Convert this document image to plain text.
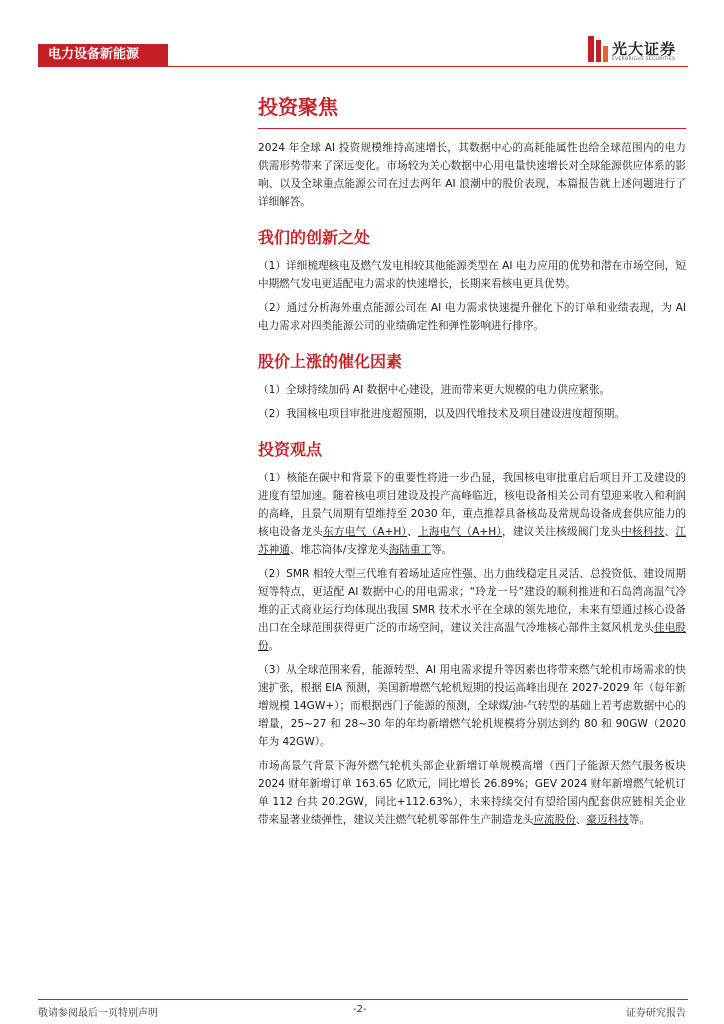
电力设备新能源	光大证券
EVERBRIGHT SECURITIES
投资聚焦

2024 年全球 AI 投资规模维持高速增长，其数据中心的高耗能属性也给全球范围内的电力供需形势带来了深远变化。市场较为关心数据中心用电量快速增长对全球能源供应体系的影响、以及全球重点能源公司在过去两年 AI 浪潮中的股价表现，本篇报告就上述问题进行了详细解答。

我们的创新之处

（1）详细梳理核电及燃气发电相较其他能源类型在 AI 电力应用的优势和潜在市场空间，短中期燃气发电更适配电力需求的快速增长，长期来看核电更具优势。

（2）通过分析海外重点能源公司在 AI 电力需求快速提升催化下的订单和业绩表现，为 AI 电力需求对四类能源公司的业绩确定性和弹性影响进行排序。

股价上涨的催化因素

（1）全球持续加码 AI 数据中心建设，进而带来更大规模的电力供应紧张。

（2）我国核电项目审批进度超预期，以及四代堆技术及项目建设进度超预期。

投资观点

（1）核能在碳中和背景下的重要性将进一步凸显，我国核电审批重启后项目开工及建设的进度有望加速。随着核电项目建设及投产高峰临近，核电设备相关公司有望迎来收入和利润的高峰，且景气周期有望维持至 2030 年，重点推荐具备核岛及常规岛设备成套供应能力的核电设备龙头东方电气（A+H）、上海电气（A+H），建议关注核级阀门龙头中核科技、江苏神通、堆芯筒体/支撑龙头海陆重工等。

（2）SMR 相较大型三代堆有着场址适应性强、出力曲线稳定且灵活、总投资低、建设周期短等特点，更适配 AI 数据中心的用电需求；“玲龙一号”建设的顺利推进和石岛湾高温气冷堆的正式商业运行均体现出我国 SMR 技术水平在全球的领先地位，未来有望通过核心设备出口在全球范围获得更广泛的市场空间，建议关注高温气冷堆核心部件主氦风机龙头佳电股份。

（3）从全球范围来看，能源转型、AI 用电需求提升等因素也将带来燃气轮机市场需求的快速扩张，根据 EIA 预测，美国新增燃气轮机短期的投运高峰出现在 2027-2029 年（每年新增规模 14GW+）；而根据西门子能源的预测，全球煤/油-气转型的基础上若考虑数据中心的增量，25~27 和 28~30 年的年均新增燃气轮机规模将分别达到约 80 和 90GW（2020 年为 42GW）。

市场高景气背景下海外燃气轮机头部企业新增订单规模高增（西门子能源天然气服务板块 2024 财年新增订单 163.65 亿欧元，同比增长 26.89%；GEV 2024 财年新增燃气轮机订单 112 台共 20.2GW，同比+112.63%），未来持续交付有望给国内配套供应链相关企业带来显著业绩弹性，建议关注燃气轮机零部件生产制造龙头应流股份、豪迈科技等。

敬请参阅最后一页特别声明	-2-	证券研究报告
